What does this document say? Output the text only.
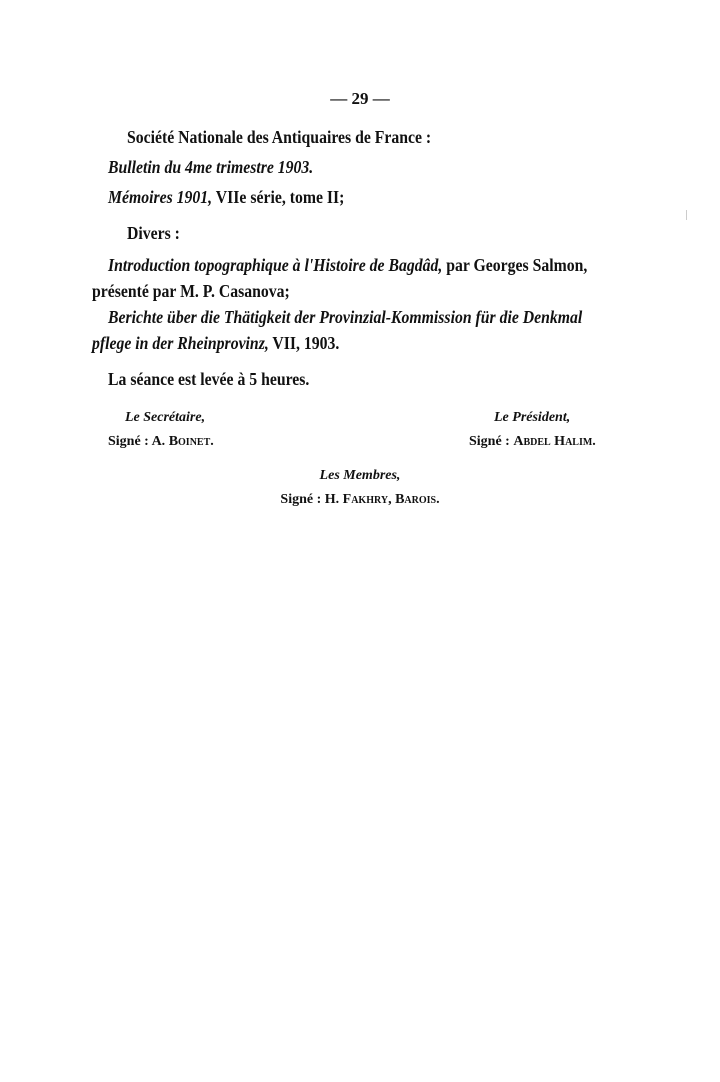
— 29 —
Société Nationale des Antiquaires de France :
Bulletin du 4me trimestre 1903.
Mémoires 1901, VIIe série, tome II;
Divers :
Introduction topographique à l'Histoire de Bagdâd, par Georges Salmon,
présenté par M. P. Casanova;
Berichte über die Thätigkeit der Provinzial-Kommission für die Denkmal
pflege in der Rheinprovinz, VII, 1903.
La séance est levée à 5 heures.
Le Secrétaire,
Signé : A. Boinet.
Le Président,
Signé : Abdel Halim.
Les Membres,
Signé : H. Fakhry, Barois.
